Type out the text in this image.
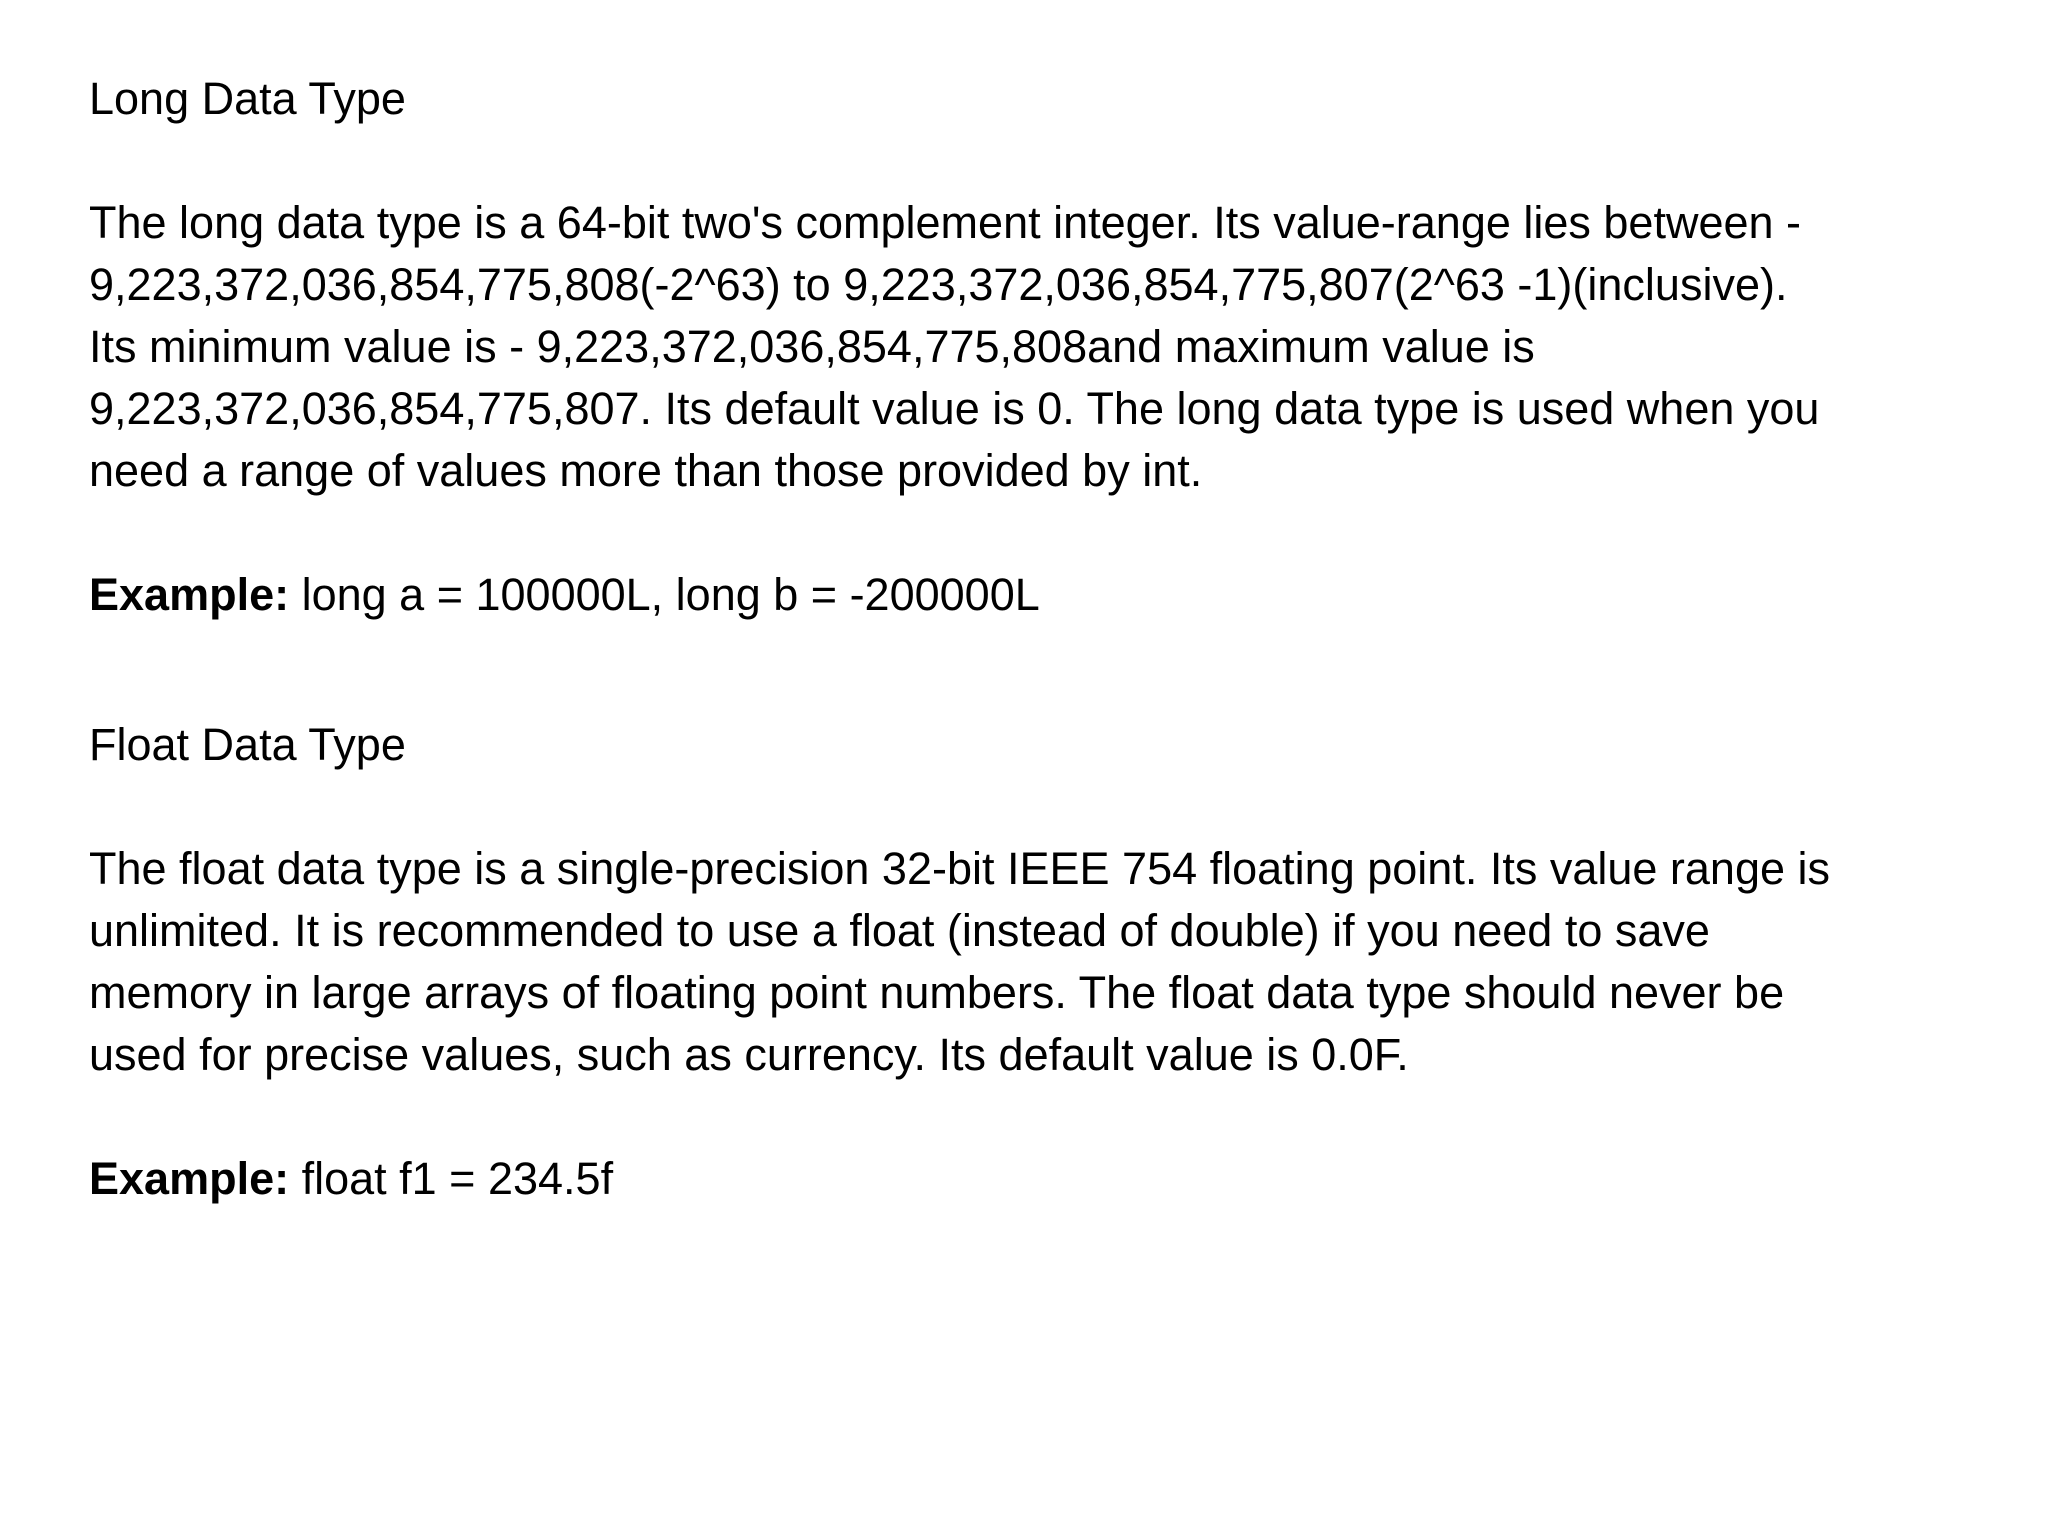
Long Data Type
The long data type is a 64-bit two's complement integer. Its value-range lies between -
9,223,372,036,854,775,808(-2^63) to 9,223,372,036,854,775,807(2^63 -1)(inclusive).
Its minimum value is - 9,223,372,036,854,775,808and maximum value is
9,223,372,036,854,775,807. Its default value is 0. The long data type is used when you
need a range of values more than those provided by int.
Example: long a = 100000L, long b = -200000L
Float Data Type
The float data type is a single-precision 32-bit IEEE 754 floating point. Its value range is
unlimited. It is recommended to use a float (instead of double) if you need to save
memory in large arrays of floating point numbers. The float data type should never be
used for precise values, such as currency. Its default value is 0.0F.
Example: float f1 = 234.5f
